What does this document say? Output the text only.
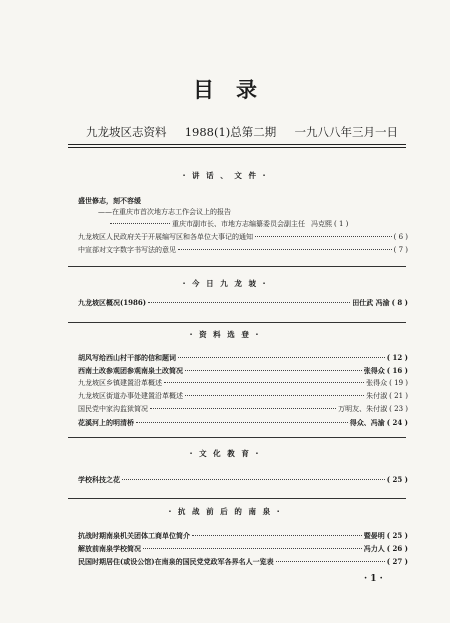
目录
九龙坡区志资料 1988(1)总第二期 一九八八年三月一日
· 讲 话 、 文 件 ·
盛世修志，刻不容缓
——在重庆市首次地方志工作会议上的报告
重庆市副市长、市地方志编纂委员会副主任 冯克熙 ( 1 )
九龙坡区人民政府关于开展编写区和各单位大事记的通知	( 6 )
中宣部对文字数字书写法的意见	( 7 )
· 今 日 九 龙 坡 ·
九龙坡区概况(1986)	田仕武 冯渝 ( 8 )
· 资 料 选 登 ·
胡风写给西山村干部的信和题词	( 12 )
西南土改参观团参观南泉土改简况	张得众 ( 16 )
九龙坡区乡镇建置沿革概述	张得众 ( 19 )
九龙坡区街道办事处建置沿革概述	朱付淑 ( 21 )
国民党中家沟监狱简况	万明友、朱付淑 ( 23 )
花溪河上的明清桥	得众、冯渝 ( 24 )
· 文 化 教 育 ·
学校科技之花	( 25 )
· 抗 战 前 后 的 南 泉 ·
抗战时期南泉机关团体工商单位简介	暨晏明 ( 25 )
解放前南泉学校简况	冯力人 ( 26 )
民国时期居住(或设公馆)在南泉的国民党党政军各界名人一览表	( 27 )
· 1 ·
